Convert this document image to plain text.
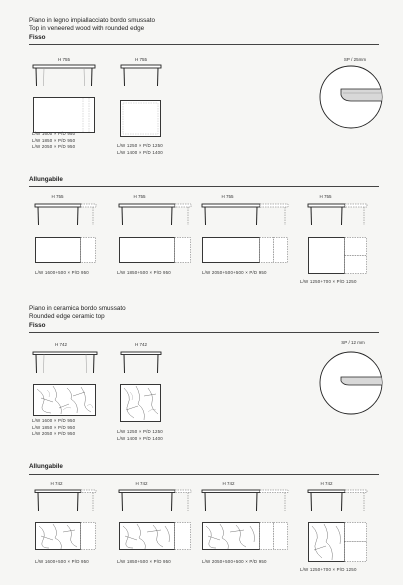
Piano in legno impiallacciato bordo smussato
Top in veneered wood with rounded edge
Fisso
H 755	H 755
L/W 1600 × P/D 950
L/W 1850 × P/D 950
L/W 2050 × P/D 950	L/W 1250 × P/D 1250
L/W 1400 × P/D 1400
SP / 25mm
Allungabile
H 755	H 755	H 755	H 755
L/W 1600+500 × P/D 950	L/W 1850+500 × P/D 950	L/W 2050+500+500 × P/D 950
L/W 1250+700 × P/D 1250
Piano in ceramica bordo smussato
Rounded edge ceramic top
Fisso
H 742	H 742
L/W 1600 × P/D 950
L/W 1850 × P/D 950
L/W 2050 × P/D 950	L/W 1250 × P/D 1250
L/W 1400 × P/D 1400
SP / 12 mm
Allungabile
H 742	H 742	H 742	H 742
L/W 1600+500 × P/D 950	L/W 1850+500 × P/D 950	L/W 2050+500+500 × P/D 950
L/W 1250+700 × P/D 1250
